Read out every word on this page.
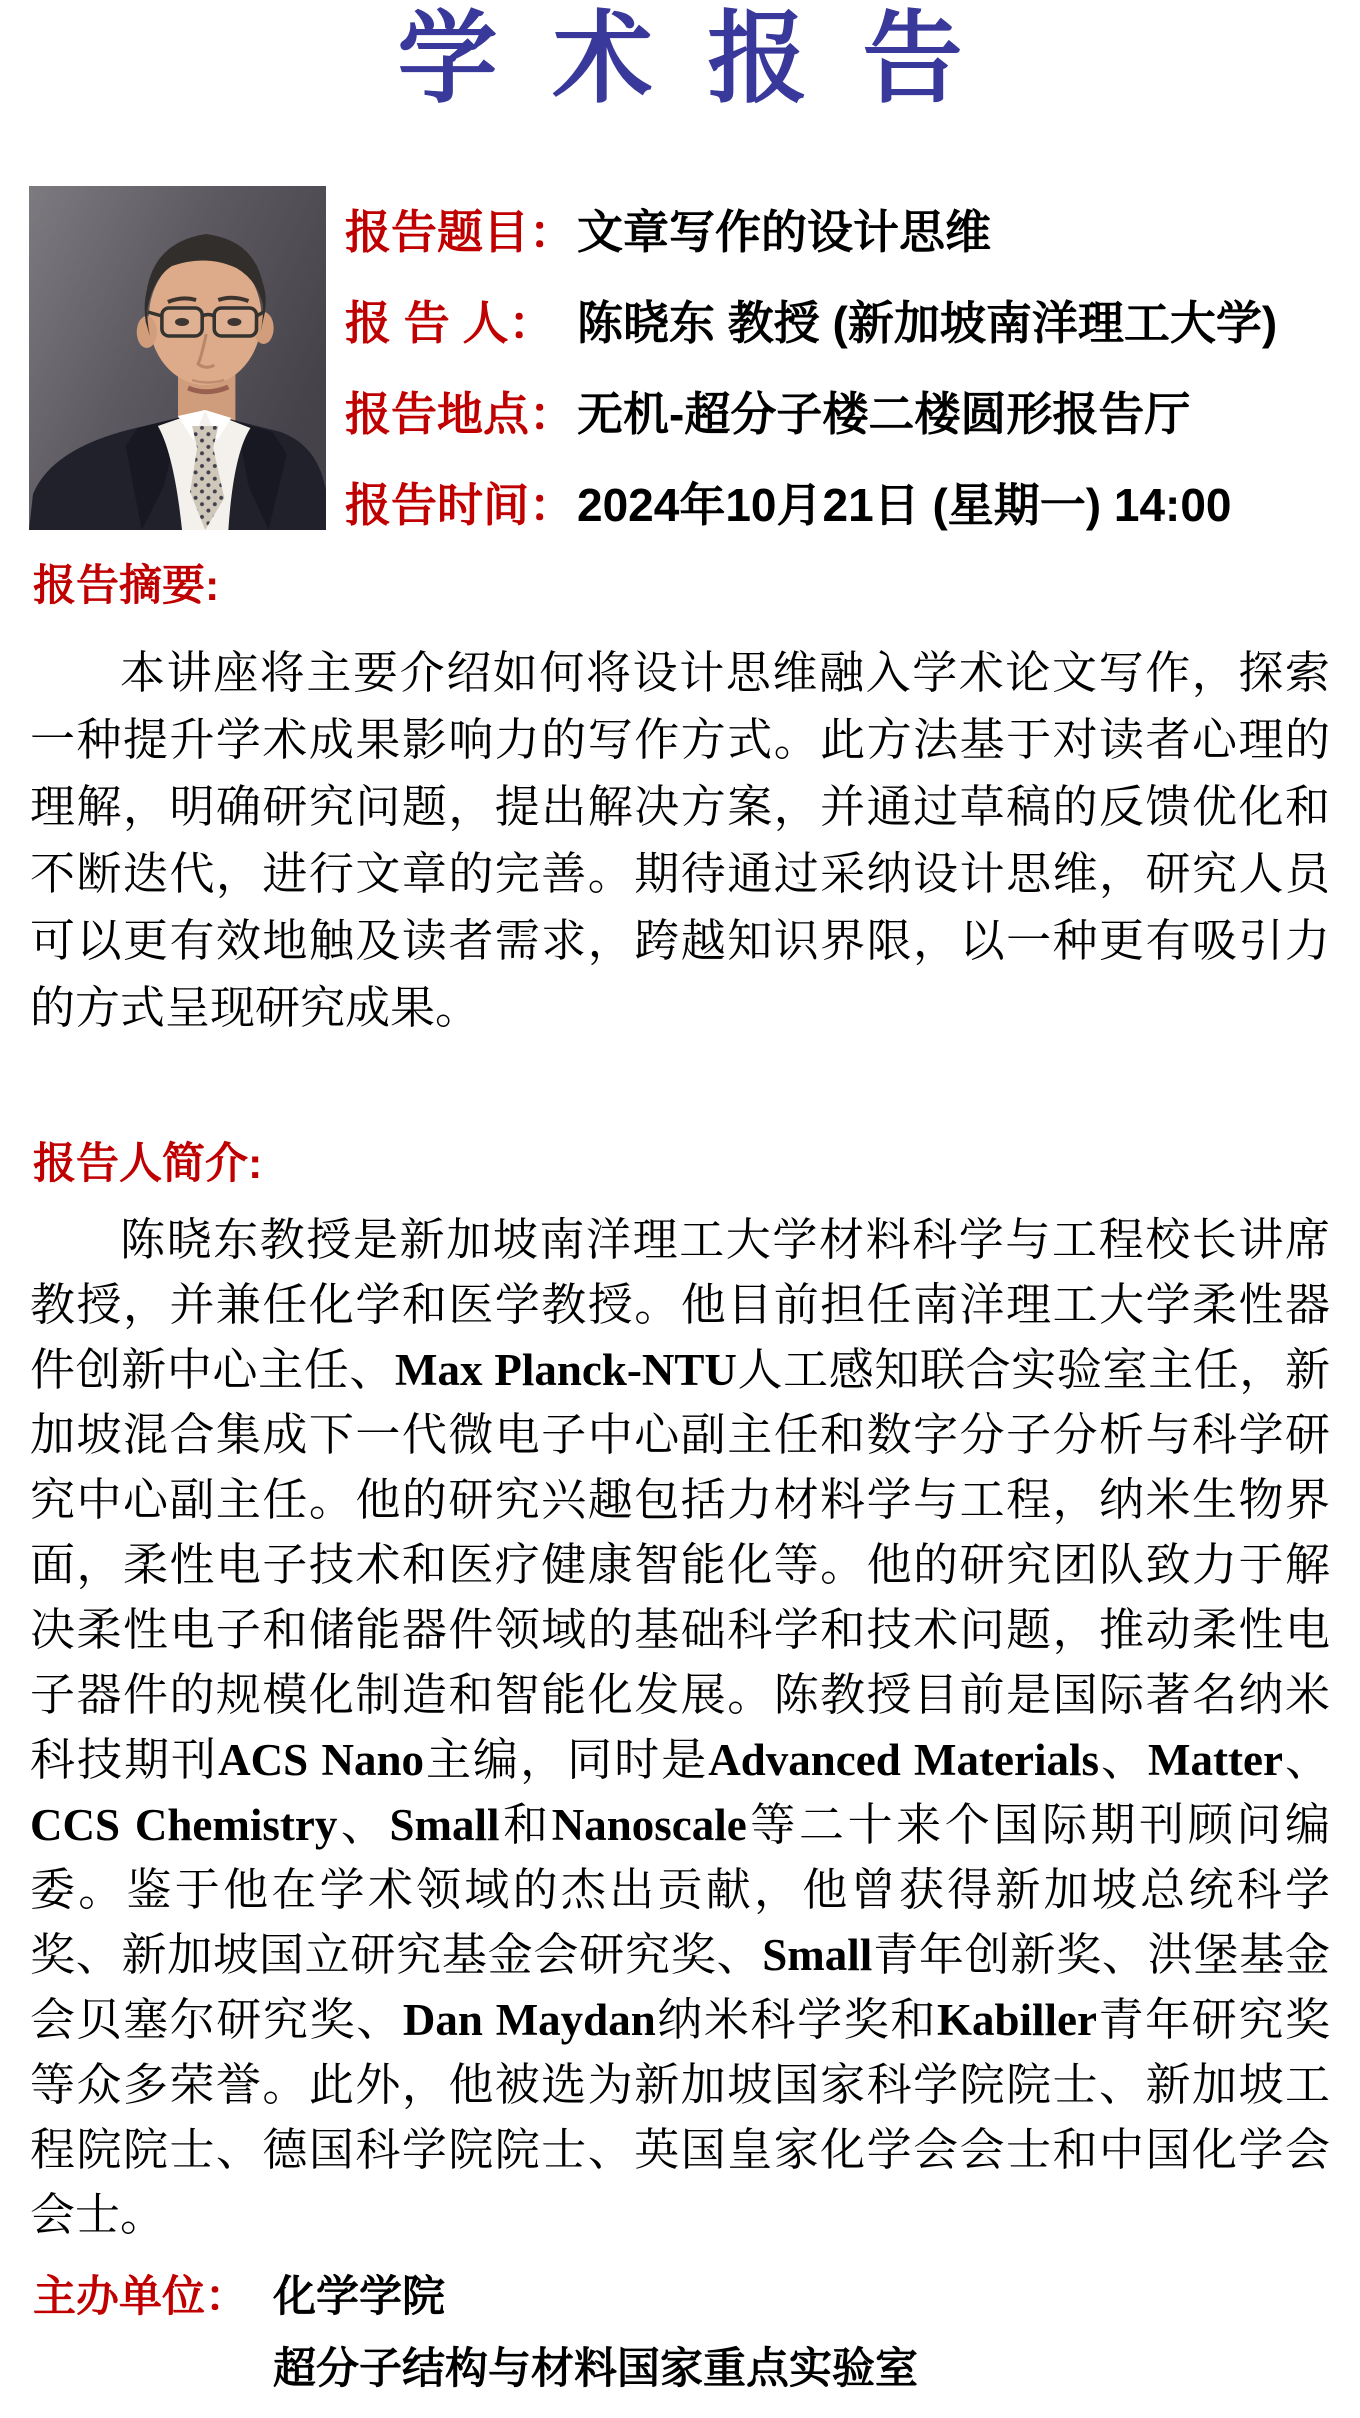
学术报告
报告题目： 文章写作的设计思维
报 告 人： 陈晓东 教授 (新加坡南洋理工大学)
报告地点： 无机-超分子楼二楼圆形报告厅
报告时间： 2024年10月21日 (星期一) 14:00
报告摘要:
本讲座将主要介绍如何将设计思维融入学术论文写作，探索一种提升学术成果影响力的写作方式。此方法基于对读者心理的理解，明确研究问题，提出解决方案，并通过草稿的反馈优化和不断迭代，进行文章的完善。期待通过采纳设计思维，研究人员可以更有效地触及读者需求，跨越知识界限，以一种更有吸引力的方式呈现研究成果。
报告人简介:
陈晓东教授是新加坡南洋理工大学材料科学与工程校长讲席教授，并兼任化学和医学教授。他目前担任南洋理工大学柔性器件创新中心主任、Max Planck-NTU人工感知联合实验室主任，新加坡混合集成下一代微电子中心副主任和数字分子分析与科学研究中心副主任。他的研究兴趣包括力材料学与工程，纳米生物界面，柔性电子技术和医疗健康智能化等。他的研究团队致力于解决柔性电子和储能器件领域的基础科学和技术问题，推动柔性电子器件的规模化制造和智能化发展。陈教授目前是国际著名纳米科技期刊ACS Nano主编，同时是Advanced Materials、Matter、CCS Chemistry、Small和Nanoscale等二十来个国际期刊顾问编委。鉴于他在学术领域的杰出贡献，他曾获得新加坡总统科学奖、新加坡国立研究基金会研究奖、Small青年创新奖、洪堡基金会贝塞尔研究奖、Dan Maydan纳米科学奖和Kabiller青年研究奖等众多荣誉。此外，他被选为新加坡国家科学院院士、新加坡工程院院士、德国科学院院士、英国皇家化学会会士和中国化学会会士。
主办单位： 化学学院
超分子结构与材料国家重点实验室
